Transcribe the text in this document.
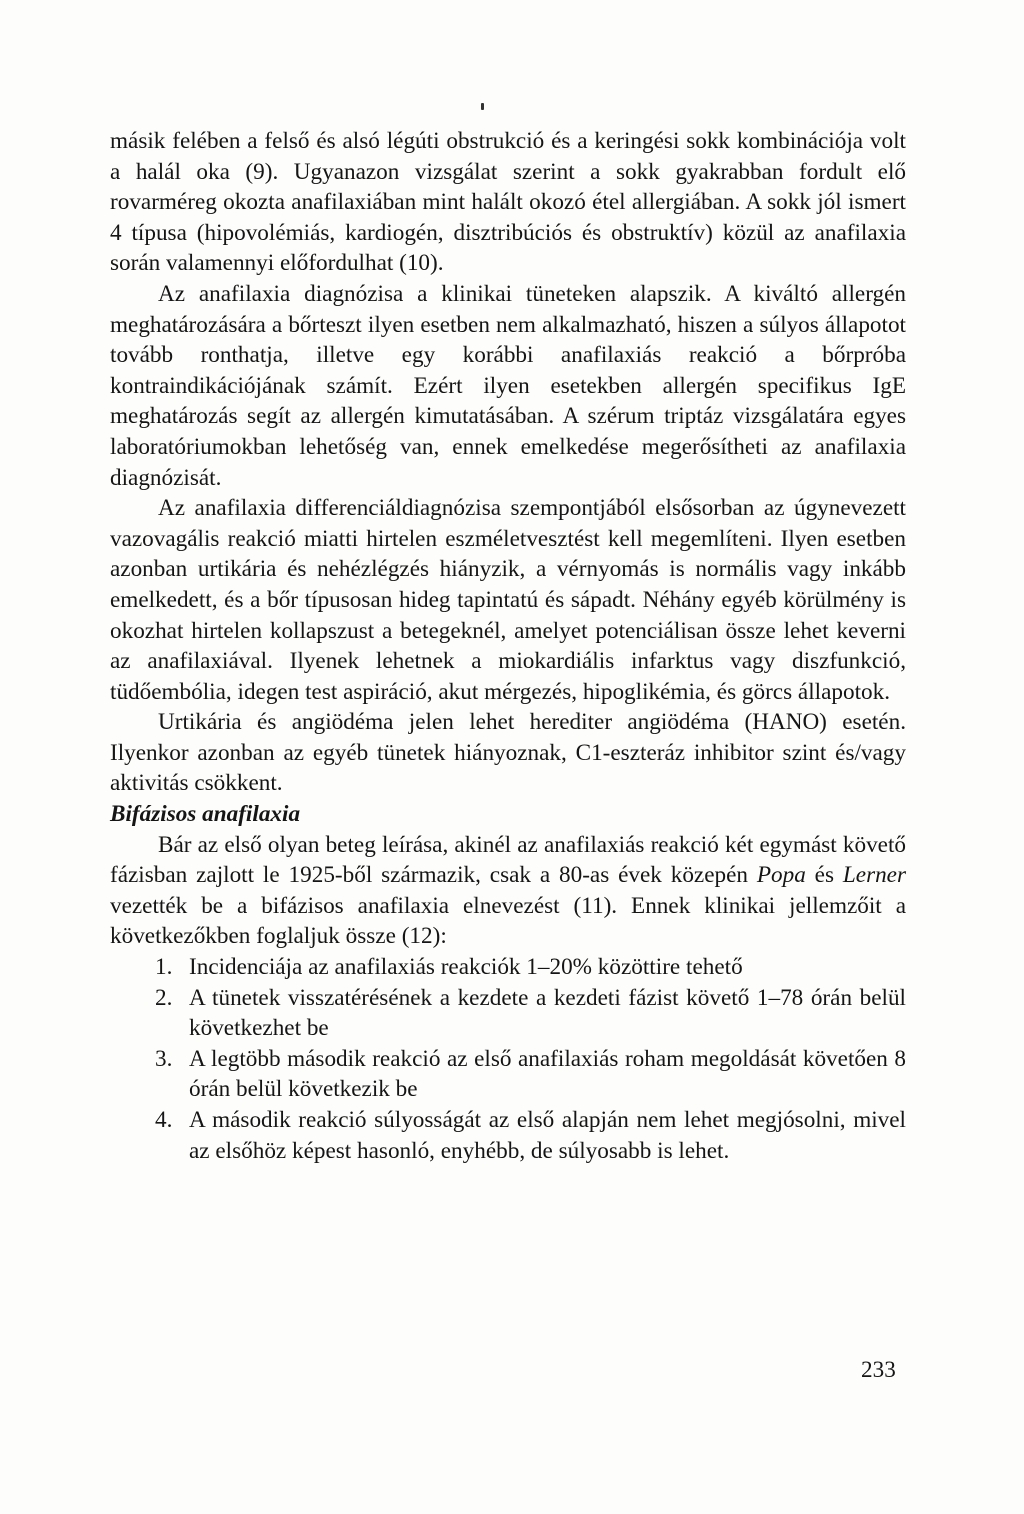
másik felében a felső és alsó légúti obstrukció és a keringési sokk kombinációja volt a halál oka (9). Ugyanazon vizsgálat szerint a sokk gyakrabban fordult elő rovarméreg okozta anafilaxiában mint halált okozó étel allergiában. A sokk jól ismert 4 típusa (hipovolémiás, kardiogén, disztribúciós és obstruktív) közül az anafilaxia során valamennyi előfordulhat (10).

Az anafilaxia diagnózisa a klinikai tüneteken alapszik. A kiváltó allergén meghatározására a bőrteszt ilyen esetben nem alkalmazható, hiszen a súlyos állapotot tovább ronthatja, illetve egy korábbi anafilaxiás reakció a bőrpróba kontraindikációjának számít. Ezért ilyen esetekben allergén specifikus IgE meghatározás segít az allergén kimutatásában. A szérum triptáz vizsgálatára egyes laboratóriumokban lehetőség van, ennek emelkedése megerősítheti az anafilaxia diagnózisát.

Az anafilaxia differenciáldiagnózisa szempontjából elsősorban az úgynevezett vazovagális reakció miatti hirtelen eszméletvesztést kell megemlíteni. Ilyen esetben azonban urtikária és nehézlégzés hiányzik, a vérnyomás is normális vagy inkább emelkedett, és a bőr típusosan hideg tapintatú és sápadt. Néhány egyéb körülmény is okozhat hirtelen kollapszust a betegeknél, amelyet potenciálisan össze lehet keverni az anafilaxiával. Ilyenek lehetnek a miokardiális infarktus vagy diszfunkció, tüdőembólia, idegen test aspiráció, akut mérgezés, hipoglikémia, és görcs állapotok.

Urtikária és angiödéma jelen lehet herediter angiödéma (HANO) esetén. Ilyenkor azonban az egyéb tünetek hiányoznak, C1-eszteráz inhibitor szint és/vagy aktivitás csökkent.

Bifázisos anafilaxia

Bár az első olyan beteg leírása, akinél az anafilaxiás reakció két egymást követő fázisban zajlott le 1925-ből származik, csak a 80-as évek közepén Popa és Lerner vezették be a bifázisos anafilaxia elnevezést (11). Ennek klinikai jellemzőit a következőkben foglaljuk össze (12):

1. Incidenciája az anafilaxiás reakciók 1–20% közöttire tehető
2. A tünetek visszatérésének a kezdete a kezdeti fázist követő 1–78 órán belül következhet be
3. A legtöbb második reakció az első anafilaxiás roham megoldását követően 8 órán belül következik be
4. A második reakció súlyosságát az első alapján nem lehet megjósolni, mivel az elsőhöz képest hasonló, enyhébb, de súlyosabb is lehet.
233
